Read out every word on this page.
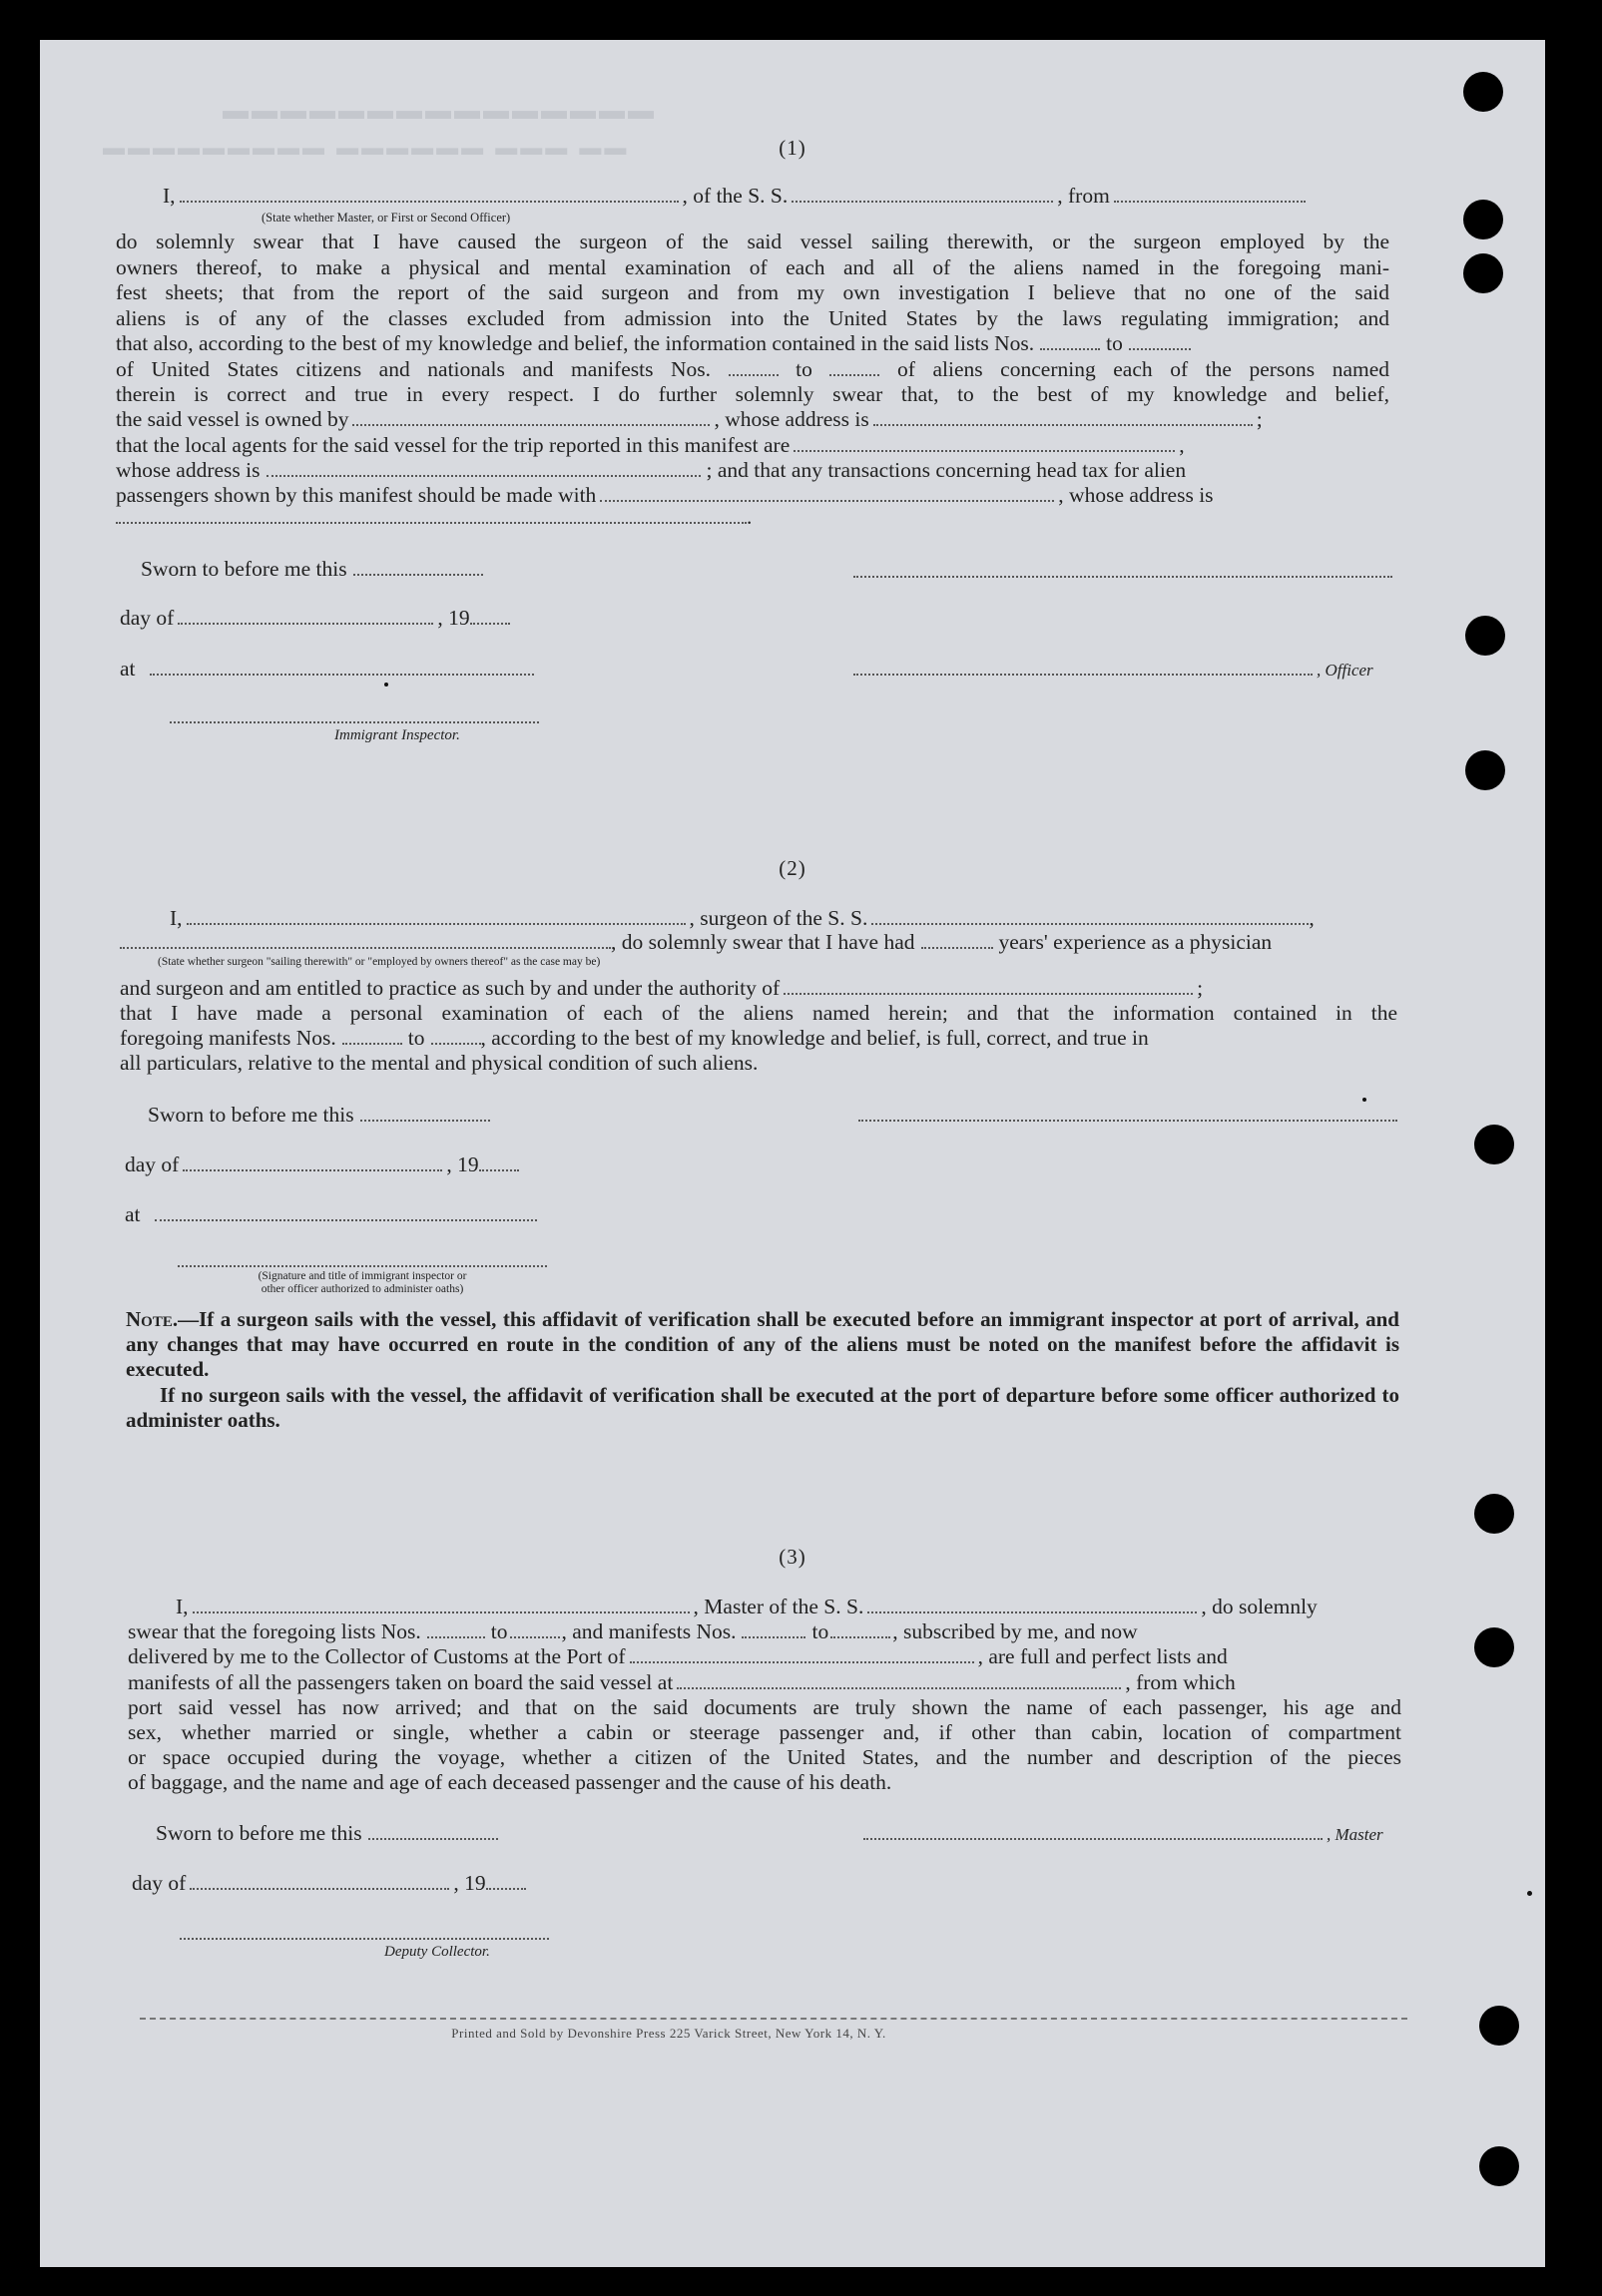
▬▬▬▬▬▬▬▬▬▬▬▬▬▬▬
▬▬ ▬▬▬ ▬▬▬▬▬▬ ▬▬▬▬▬▬▬▬▬	(1)
I,	, of the S. S.	, from
(State whether Master, or First or Second Officer)
do solemnly swear that I have caused the surgeon of the said vessel sailing therewith, or the surgeon employed by the
owners thereof, to make a physical and mental examination of each and all of the aliens named in the foregoing mani-
fest sheets; that from the report of the said surgeon and from my own investigation I believe that no one of the said
aliens is of any of the classes excluded from admission into the United States by the laws regulating immigration; and
that also, according to the best of my knowledge and belief, the information contained in the said lists Nos.	to
of United States citizens and nationals and manifests Nos.	to	of aliens concerning each of the persons named
therein is correct and true in every respect. I do further solemnly swear that, to the best of my knowledge and belief,
the said vessel is owned by	, whose address is	;
that the local agents for the said vessel for the trip reported in this manifest are	,
whose address is	; and that any transactions concerning head tax for alien
passengers shown by this manifest should be made with	, whose address is
.
Sworn to before me this
day of	, 19
at	, Officer
Immigrant Inspector.
(2)
I,	, surgeon of the S. S.	,
, do solemnly swear that I have had	years' experience as a physician
(State whether surgeon "sailing therewith" or "employed by owners thereof" as the case may be)
and surgeon and am entitled to practice as such by and under the authority of	;
that I have made a personal examination of each of the aliens named herein; and that the information contained in the
foregoing manifests Nos.	to	, according to the best of my knowledge and belief, is full, correct, and true in
all particulars, relative to the mental and physical condition of such aliens.
Sworn to before me this
day of	, 19
at
(Signature and title of immigrant inspector or
other officer authorized to administer oaths)
Note.—If a surgeon sails with the vessel, this affidavit of verification shall be executed before an immigrant inspector at port of arrival, and any changes that may have occurred en route in the condition of any of the aliens must be noted on the manifest before the affidavit is executed.
If no surgeon sails with the vessel, the affidavit of verification shall be executed at the port of departure before some officer authorized to administer oaths.
(3)
I,	, Master of the S. S.	, do solemnly
swear that the foregoing lists Nos.	to	, and manifests Nos.	to	, subscribed by me, and now
delivered by me to the Collector of Customs at the Port of	, are full and perfect lists and
manifests of all the passengers taken on board the said vessel at	, from which
port said vessel has now arrived; and that on the said documents are truly shown the name of each passenger, his age and
sex, whether married or single, whether a cabin or steerage passenger and, if other than cabin, location of compartment
or space occupied during the voyage, whether a citizen of the United States, and the number and description of the pieces
of baggage, and the name and age of each deceased passenger and the cause of his death.
Sworn to before me this	, Master
day of	, 19
Deputy Collector.
Printed and Sold by Devonshire Press 225 Varick Street, New York 14, N. Y.
